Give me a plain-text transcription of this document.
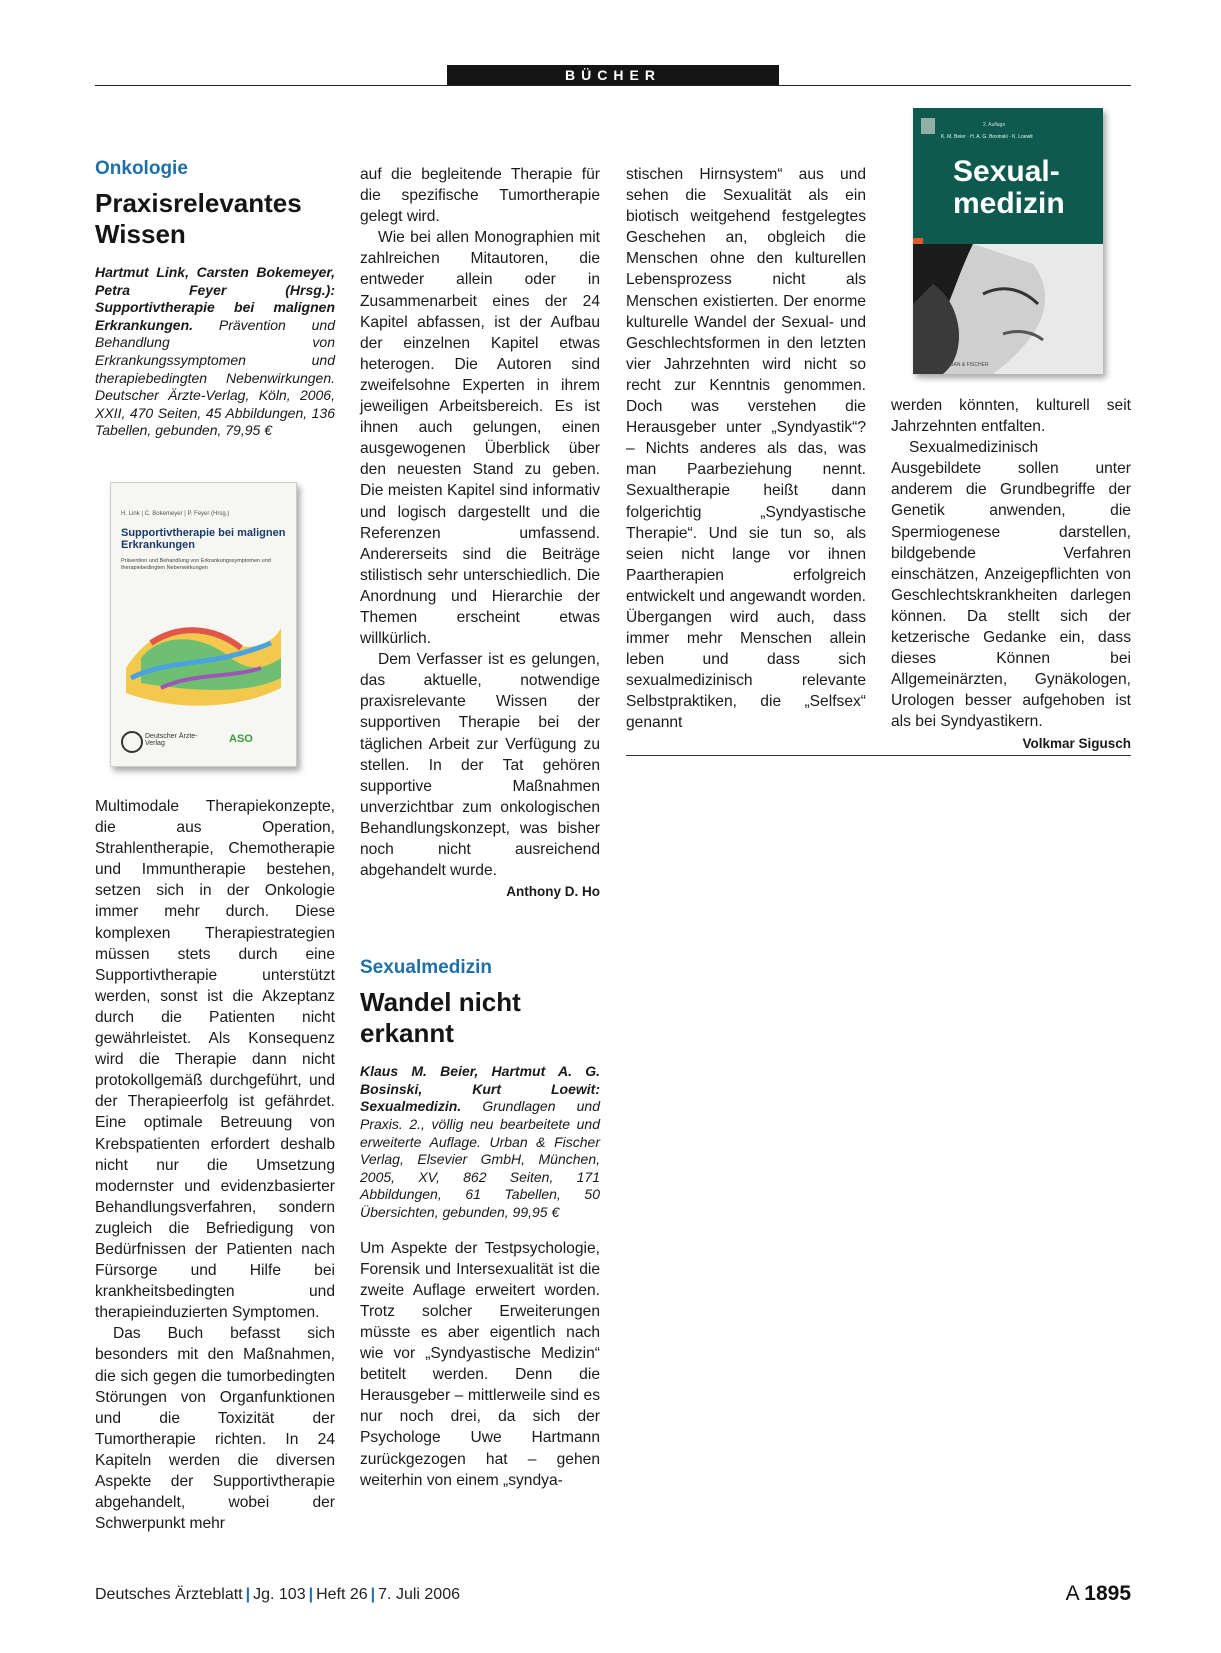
BÜCHER

Onkologie

Praxisrelevantes Wissen

Hartmut Link, Carsten Bokemeyer, Petra Feyer (Hrsg.): Supportivtherapie bei malignen Erkrankungen. Prävention und Behandlung von Erkrankungssymptomen und therapiebedingten Nebenwirkungen. Deutscher Ärzte-Verlag, Köln, 2006, XXII, 470 Seiten, 45 Abbildungen, 136 Tabellen, gebunden, 79,95 €

H. Link | C. Bokemeyer | P. Feyer (Hrsg.)
Supportivtherapie bei malignen Erkrankungen
Prävention und Behandlung von Erkrankungssymptomen und therapiebedingten Nebenwirkungen
Deutscher Ärzte-Verlag	ASO

Multimodale Therapiekonzepte, die aus Operation, Strahlentherapie, Chemotherapie und Immuntherapie bestehen, setzen sich in der Onkologie immer mehr durch. Diese komplexen Therapiestrategien müssen stets durch eine Supportivtherapie unterstützt werden, sonst ist die Akzeptanz durch die Patienten nicht gewährleistet. Als Konsequenz wird die Therapie dann nicht protokollgemäß durchgeführt, und der Therapieerfolg ist gefährdet. Eine optimale Betreuung von Krebspatienten erfordert deshalb nicht nur die Umsetzung modernster und evidenzbasierter Behandlungsverfahren, sondern zugleich die Befriedigung von Bedürfnissen der Patienten nach Fürsorge und Hilfe bei krankheitsbedingten und therapieinduzierten Symptomen.

Das Buch befasst sich besonders mit den Maßnahmen, die sich gegen die tumorbedingten Störungen von Organfunktionen und die Toxizität der Tumortherapie richten. In 24 Kapiteln werden die diversen Aspekte der Supportivtherapie abgehandelt, wobei der Schwerpunkt mehr

auf die begleitende Therapie für die spezifische Tumortherapie gelegt wird.

Wie bei allen Monographien mit zahlreichen Mitautoren, die entweder allein oder in Zusammenarbeit eines der 24 Kapitel abfassen, ist der Aufbau der einzelnen Kapitel etwas heterogen. Die Autoren sind zweifelsohne Experten in ihrem jeweiligen Arbeitsbereich. Es ist ihnen auch gelungen, einen ausgewogenen Überblick über den neuesten Stand zu geben. Die meisten Kapitel sind informativ und logisch dargestellt und die Referenzen umfassend. Andererseits sind die Beiträge stilistisch sehr unterschiedlich. Die Anordnung und Hierarchie der Themen erscheint etwas willkürlich.

Dem Verfasser ist es gelungen, das aktuelle, notwendige praxisrelevante Wissen der supportiven Therapie bei der täglichen Arbeit zur Verfügung zu stellen. In der Tat gehören supportive Maßnahmen unverzichtbar zum onkologischen Behandlungskonzept, was bisher noch nicht ausreichend abgehandelt wurde.
Anthony D. Ho

Sexualmedizin

Wandel nicht erkannt

Klaus M. Beier, Hartmut A. G. Bosinski, Kurt Loewit: Sexualmedizin. Grundlagen und Praxis. 2., völlig neu bearbeitete und erweiterte Auflage. Urban & Fischer Verlag, Elsevier GmbH, München, 2005, XV, 862 Seiten, 171 Abbildungen, 61 Tabellen, 50 Übersichten, gebunden, 99,95 €

Um Aspekte der Testpsychologie, Forensik und Intersexualität ist die zweite Auflage erweitert worden. Trotz solcher Erweiterungen müsste es aber eigentlich nach wie vor „Syndyastische Medizin“ betitelt werden. Denn die Herausgeber – mittlerweile sind es nur noch drei, da sich der Psychologe Uwe Hartmann zurückgezogen hat – gehen weiterhin von einem „syndya-

stischen Hirnsystem“ aus und sehen die Sexualität als ein biotisch weitgehend festgelegtes Geschehen an, obgleich die Menschen ohne den kulturellen Lebensprozess nicht als Menschen existierten. Der enorme kulturelle Wandel der Sexual- und Geschlechtsformen in den letzten vier Jahrzehnten wird nicht so recht zur Kenntnis genommen. Doch was verstehen die Herausgeber unter „Syndyastik“? – Nichts anderes als das, was man Paarbeziehung nennt. Sexualtherapie heißt dann folgerichtig „Syndyastische Therapie“. Und sie tun so, als seien nicht lange vor ihnen Paartherapien erfolgreich entwickelt und angewandt worden. Übergangen wird auch, dass immer mehr Menschen allein leben und dass sich sexualmedizinisch relevante Selbstpraktiken, die „Selfsex“ genannt

K. M. Beier · H. A. G. Bosinski · K. Loewit
Sexual-
medizin
2. Auflage
URBAN & FISCHER

werden könnten, kulturell seit Jahrzehnten entfalten.

Sexualmedizinisch Ausgebildete sollen unter anderem die Grundbegriffe der Genetik anwenden, die Spermiogenese darstellen, bildgebende Verfahren einschätzen, Anzeigepflichten von Geschlechtskrankheiten darlegen können. Da stellt sich der ketzerische Gedanke ein, dass dieses Können bei Allgemeinärzten, Gynäkologen, Urologen besser aufgehoben ist als bei Syndyastikern.
Volkmar Sigusch

Deutsches Ärzteblatt | Jg. 103 | Heft 26 | 7. Juli 2006	A 1895
